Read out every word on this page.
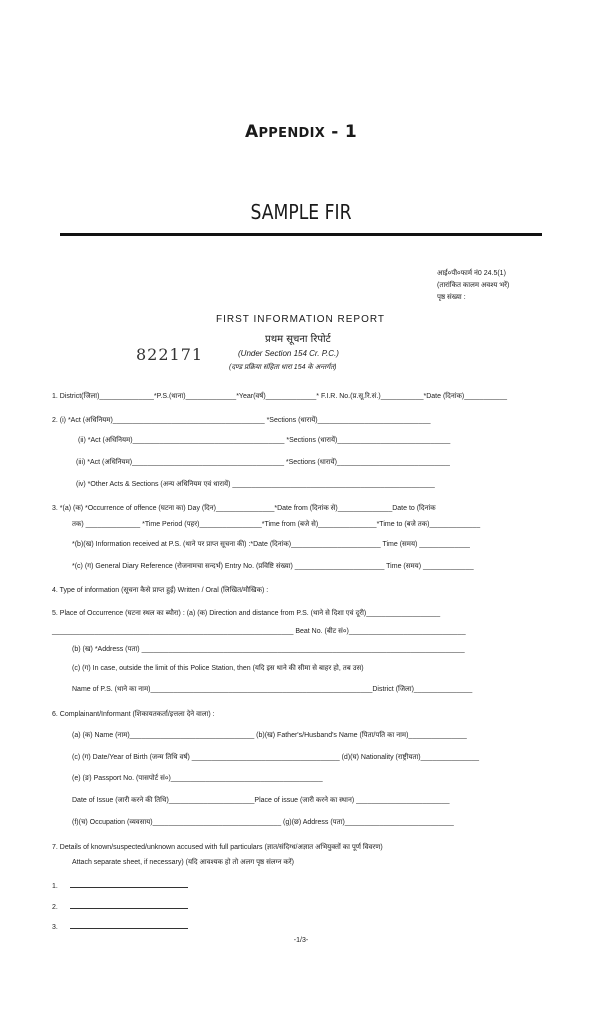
APPENDIX - 1
SAMPLE FIR
आई०पी०फार्म नं0 24.5(1)
(तारांकित कालम अवश्य भरें)
पृष्ठ संख्या :
FIRST INFORMATION REPORT
प्रथम सूचना रिपोर्ट
822171	(Under Section 154 Cr. P.C.)
(दण्ड प्रक्रिया संहिता धारा 154 के अन्तर्गत)
1. District(जिला)______________*P.S.(थाना)_____________*Year(वर्ष)_____________* F.I.R. No.(प्र.सू.रि.सं.)___________*Date (दिनांक)___________
2. (i) *Act (अधिनियम)_______________________________________ *Sections (धारायें)_____________________________
(ii) *Act (अधिनियम)_______________________________________ *Sections (धारायें)_____________________________
(iii) *Act (अधिनियम)_______________________________________ *Sections (धारायें)_____________________________
(iv) *Other Acts & Sections (अन्य अधिनियम एवं धारायें) ____________________________________________________
3. *(a) (क) *Occurrence of offence (घटना का) Day (दिन)_______________*Date from (दिनांक से)______________Date to (दिनांक
तक) ______________ *Time Period (पहर)________________*Time from (बजे से)_______________*Time to (बजे तक)_____________
*(b)(ख) Information received at P.S. (थाने पर प्राप्त सूचना की) :*Date (दिनांक)_______________________ Time (समय) _____________
*(c) (ग) General Diary Reference (रोजनामचा सन्दर्भ) Entry No. (प्रविष्टि संख्या) _______________________ Time (समय) _____________
4. Type of information (सूचना कैसे प्राप्त हुई) Written / Oral (लिखित/मौखिक) :
5. Place of Occurrence (घटना स्थल का ब्यौरा) : (a) (क) Direction and distance from P.S. (थाने से दिशा एवं दूरी)___________________
______________________________________________________________ Beat No. (बीट सं०)______________________________
(b) (ख) *Address (पता) ___________________________________________________________________________________
(c) (ग) In case, outside the limit of this Police Station, then (यदि इस थाने की सीमा से बाहर हो, तब उस)
Name of P.S. (थाने का नाम)_________________________________________________________District (जिला)_______________
6. Complainant/Informant (शिकायतकर्ता/इत्तला देने वाला) :
(a) (क) Name (नाम)________________________________ (b)(ख) Father's/Husband's Name (पिता/पति का नाम)_______________
(c) (ग) Date/Year of Birth (जन्म तिथि वर्ष) ______________________________________ (d)(घ) Nationality (राष्ट्रीयता)_______________
(e) (ङ) Passport No. (पासपोर्ट सं०)_______________________________________
Date of Issue (जारी करने की तिथि)______________________Place of issue (जारी करने का स्थान) ________________________
(f)(च) Occupation (व्यवसाय)_________________________________ (g)(छ) Address (पता)____________________________
7. Details of known/suspected/unknown accused with full particulars (ज्ञात/संदिग्ध/अज्ञात अभियुक्तों का पूर्ण विवरण)
Attach separate sheet, if necessary) (यदि आवश्यक हो तो अलग पृष्ठ संलग्न करें)
1.
2.
3.
-1/3-
